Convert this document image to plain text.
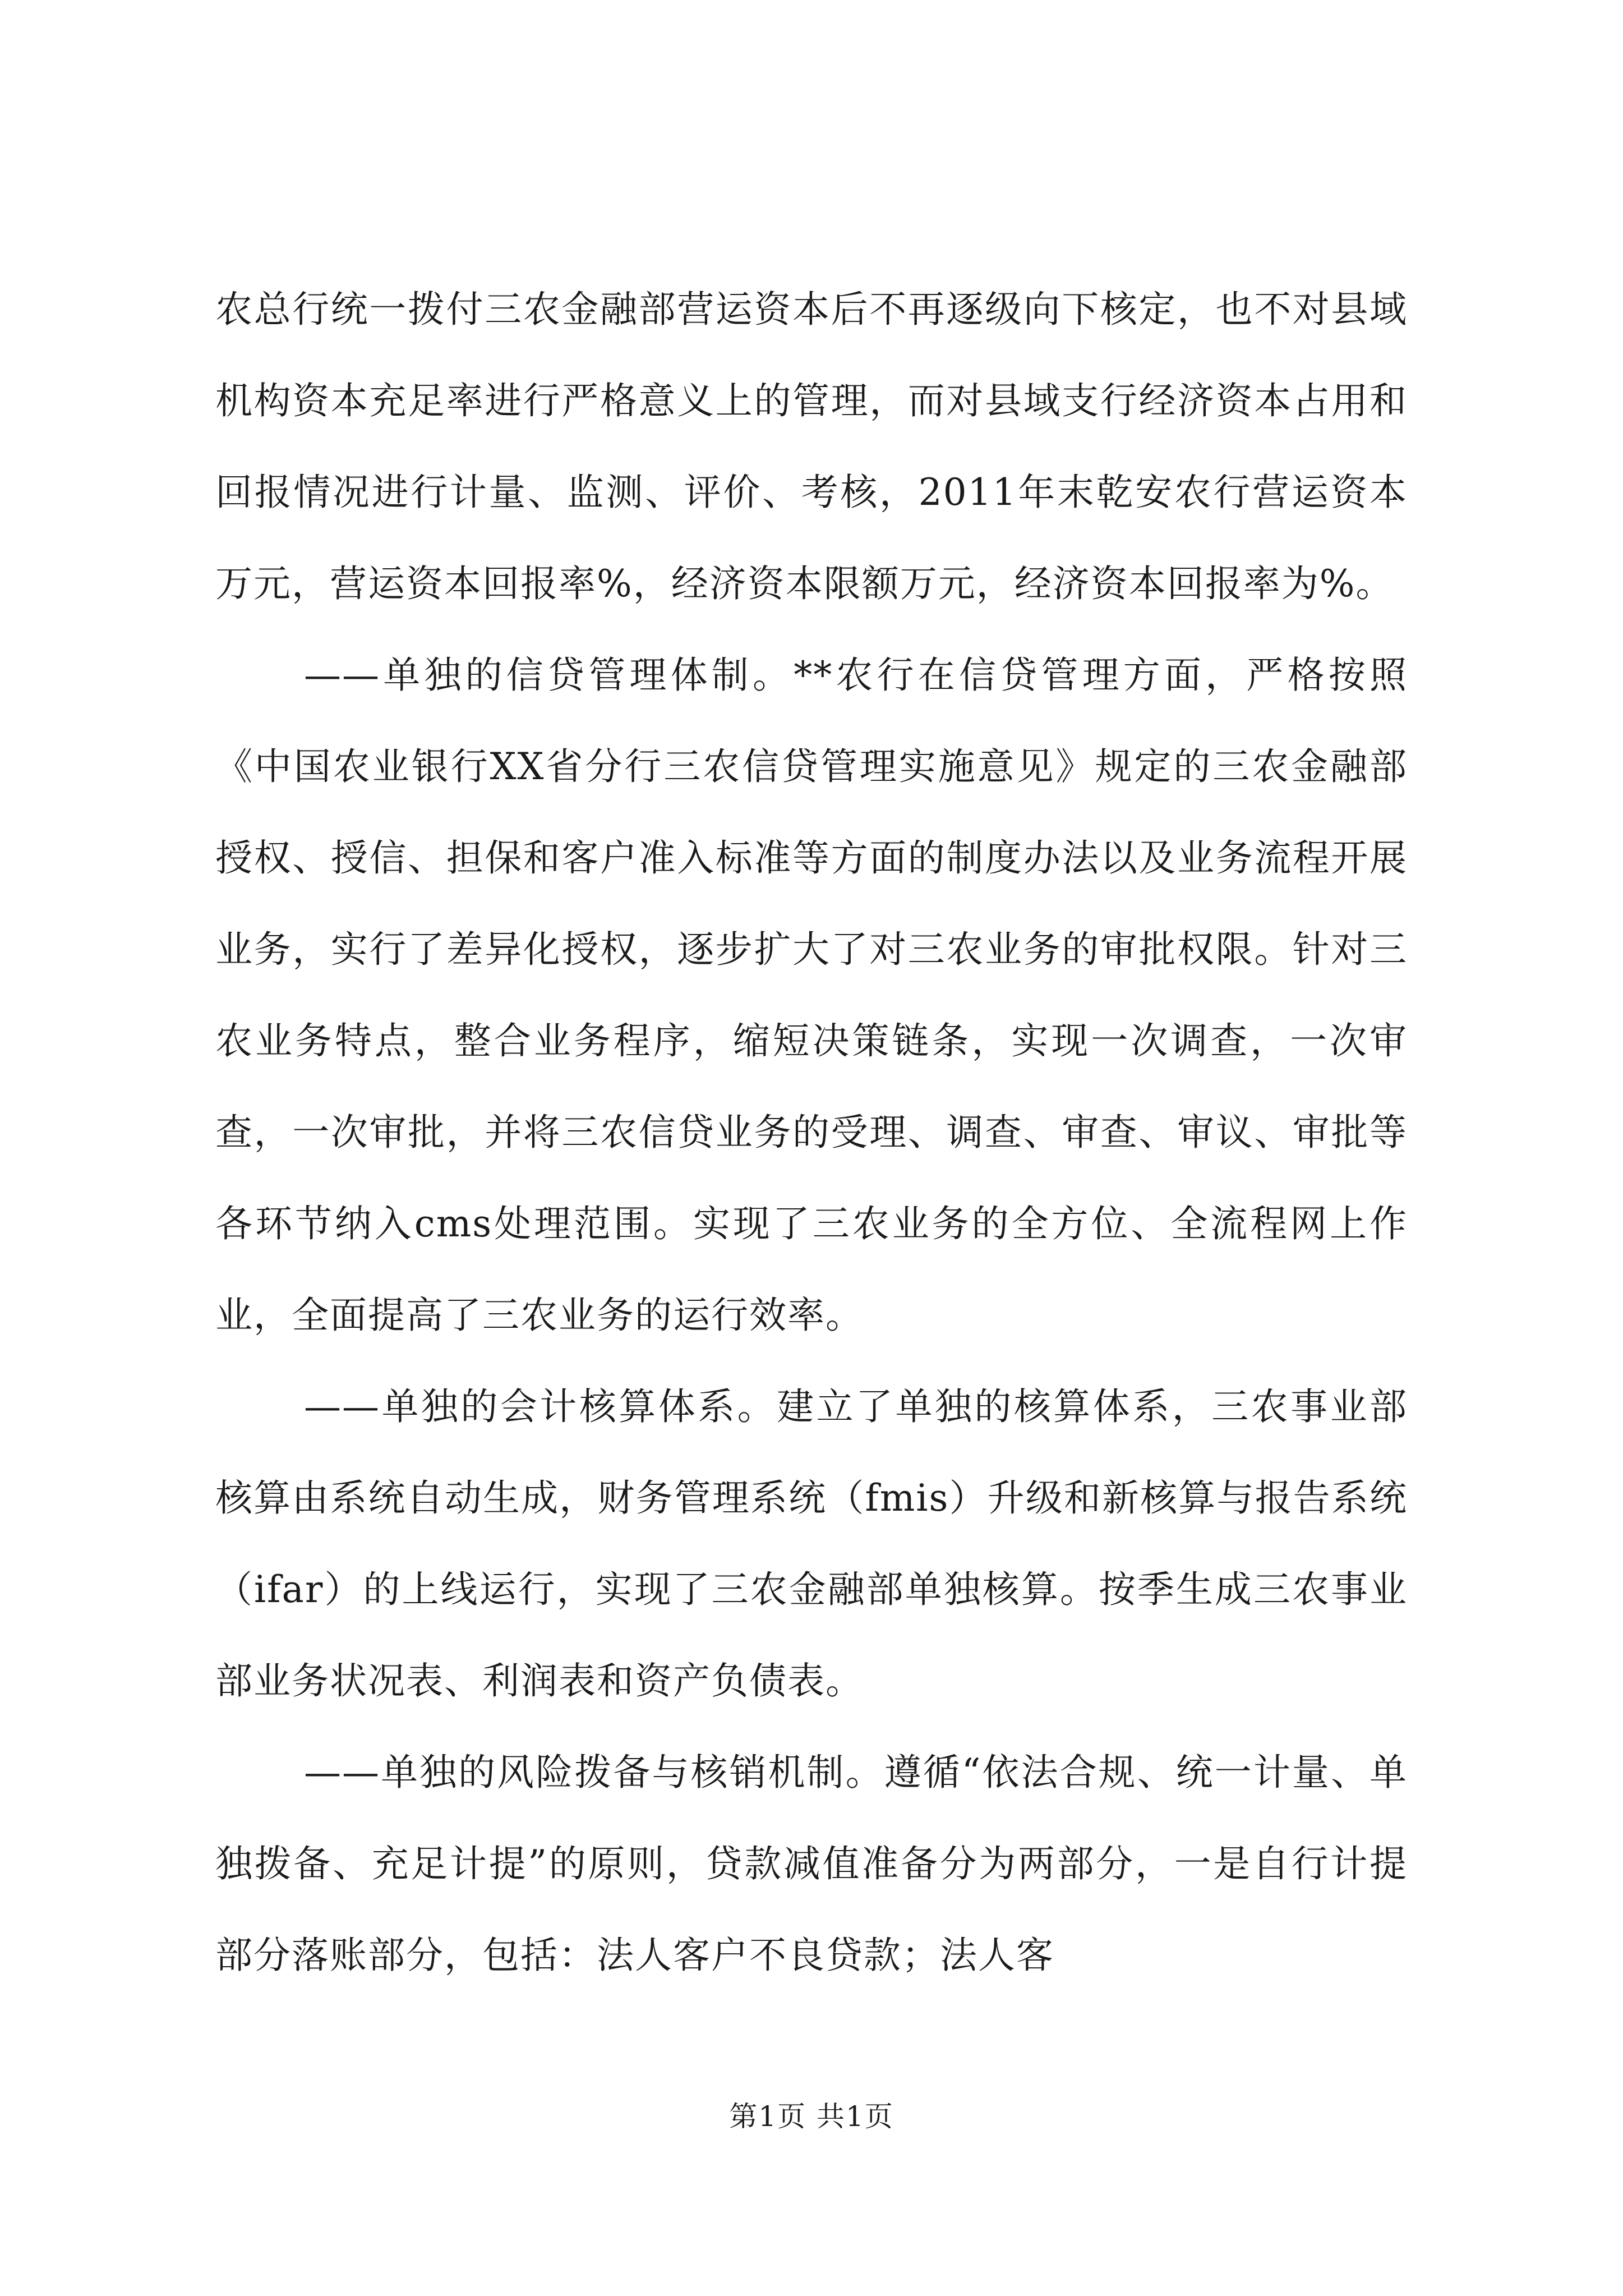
农总行统一拨付三农金融部营运资本后不再逐级向下核定，也不对县域机构资本充足率进行严格意义上的管理，而对县域支行经济资本占用和回报情况进行计量、监测、评价、考核，2011年末乾安农行营运资本万元，营运资本回报率%，经济资本限额万元，经济资本回报率为%。

——单独的信贷管理体制。**农行在信贷管理方面，严格按照《中国农业银行XX省分行三农信贷管理实施意见》规定的三农金融部授权、授信、担保和客户准入标准等方面的制度办法以及业务流程开展业务，实行了差异化授权，逐步扩大了对三农业务的审批权限。针对三农业务特点，整合业务程序，缩短决策链条，实现一次调查，一次审查，一次审批，并将三农信贷业务的受理、调查、审查、审议、审批等各环节纳入cms处理范围。实现了三农业务的全方位、全流程网上作业，全面提高了三农业务的运行效率。

——单独的会计核算体系。建立了单独的核算体系，三农事业部核算由系统自动生成，财务管理系统（fmis）升级和新核算与报告系统（ifar）的上线运行，实现了三农金融部单独核算。按季生成三农事业部业务状况表、利润表和资产负债表。

——单独的风险拨备与核销机制。遵循“依法合规、统一计量、单独拨备、充足计提”的原则，贷款减值准备分为两部分，一是自行计提部分落账部分，包括：法人客户不良贷款；法人客

第1页 共1页
